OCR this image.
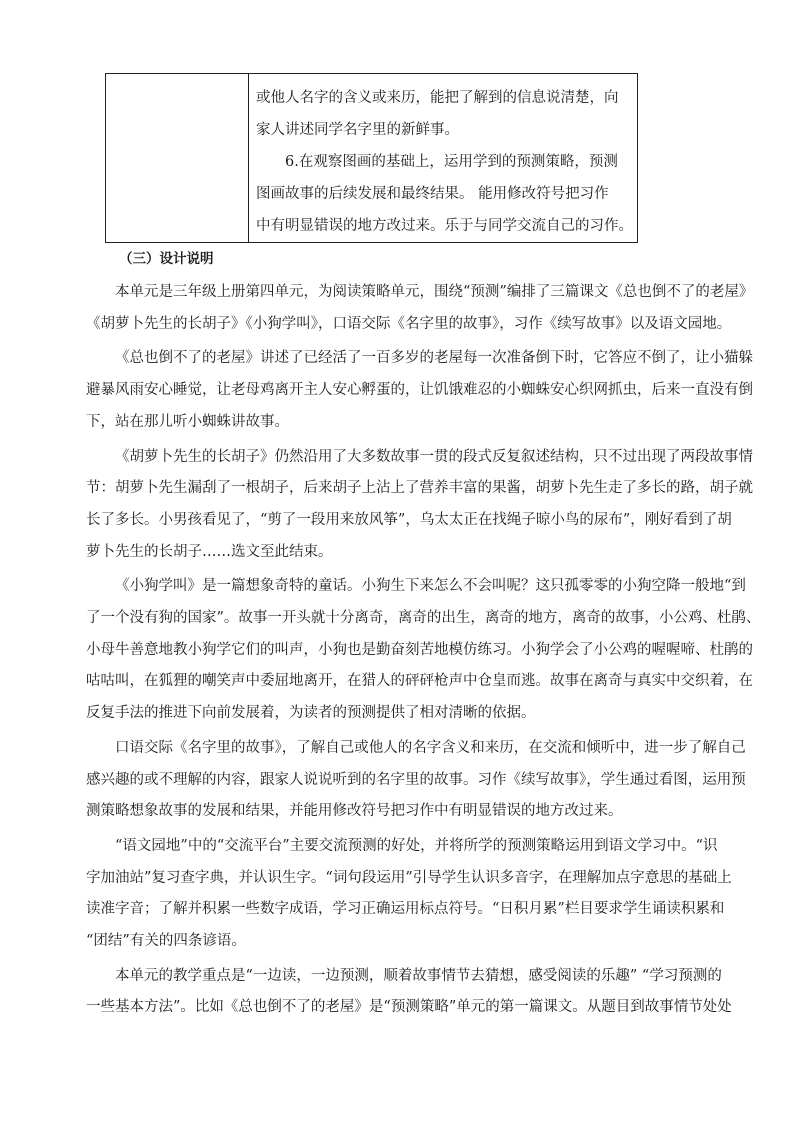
或他人名字的含义或来历，能把了解到的信息说清楚，向
家人讲述同学名字里的新鲜事。
6.在观察图画的基础上，运用学到的预测策略，预测
图画故事的后续发展和最终结果。 能用修改符号把习作
中有明显错误的地方改过来。乐于与同学交流自己的习作。
（三）设计说明
本单元是三年级上册第四单元，为阅读策略单元，围绕“预测”编排了三篇课文《总也倒不了的老屋》
《胡萝卜先生的长胡子》《小狗学叫》，口语交际《名字里的故事》，习作《续写故事》以及语文园地。
《总也倒不了的老屋》讲述了已经活了一百多岁的老屋每一次准备倒下时，它答应不倒了，让小猫躲
避暴风雨安心睡觉，让老母鸡离开主人安心孵蛋的，让饥饿难忍的小蜘蛛安心织网抓虫，后来一直没有倒
下，站在那儿听小蜘蛛讲故事。
《胡萝卜先生的长胡子》仍然沿用了大多数故事一贯的段式反复叙述结构，只不过出现了两段故事情
节：胡萝卜先生漏刮了一根胡子，后来胡子上沾上了营养丰富的果酱，胡萝卜先生走了多长的路，胡子就
长了多长。小男孩看见了，“剪了一段用来放风筝”，乌太太正在找绳子晾小鸟的尿布”，刚好看到了胡
萝卜先生的长胡子……选文至此结束。
《小狗学叫》是一篇想象奇特的童话。小狗生下来怎么不会叫呢？这只孤零零的小狗空降一般地“到
了一个没有狗的国家”。故事一开头就十分离奇，离奇的出生，离奇的地方，离奇的故事，小公鸡、杜鹃、
小母牛善意地教小狗学它们的叫声，小狗也是勤奋刻苦地模仿练习。小狗学会了小公鸡的喔喔啼、杜鹃的
咕咕叫，在狐狸的嘲笑声中委屈地离开，在猎人的砰砰枪声中仓皇而逃。故事在离奇与真实中交织着，在
反复手法的推进下向前发展着，为读者的预测提供了相对清晰的依据。
口语交际《名字里的故事》，了解自己或他人的名字含义和来历，在交流和倾听中，进一步了解自己
感兴趣的或不理解的内容，跟家人说说听到的名字里的故事。习作《续写故事》，学生通过看图，运用预
测策略想象故事的发展和结果，并能用修改符号把习作中有明显错误的地方改过来。
“语文园地”中的“交流平台”主要交流预测的好处，并将所学的预测策略运用到语文学习中。“识
字加油站”复习查字典，并认识生字。“词句段运用”引导学生认识多音字，在理解加点字意思的基础上
读准字音；了解并积累一些数字成语，学习正确运用标点符号。“日积月累”栏目要求学生诵读积累和
“团结”有关的四条谚语。
本单元的教学重点是“一边读，一边预测，顺着故事情节去猜想，感受阅读的乐趣” “学习预测的
一些基本方法”。比如《总也倒不了的老屋》是“预测策略”单元的第一篇课文。从题目到故事情节处处
